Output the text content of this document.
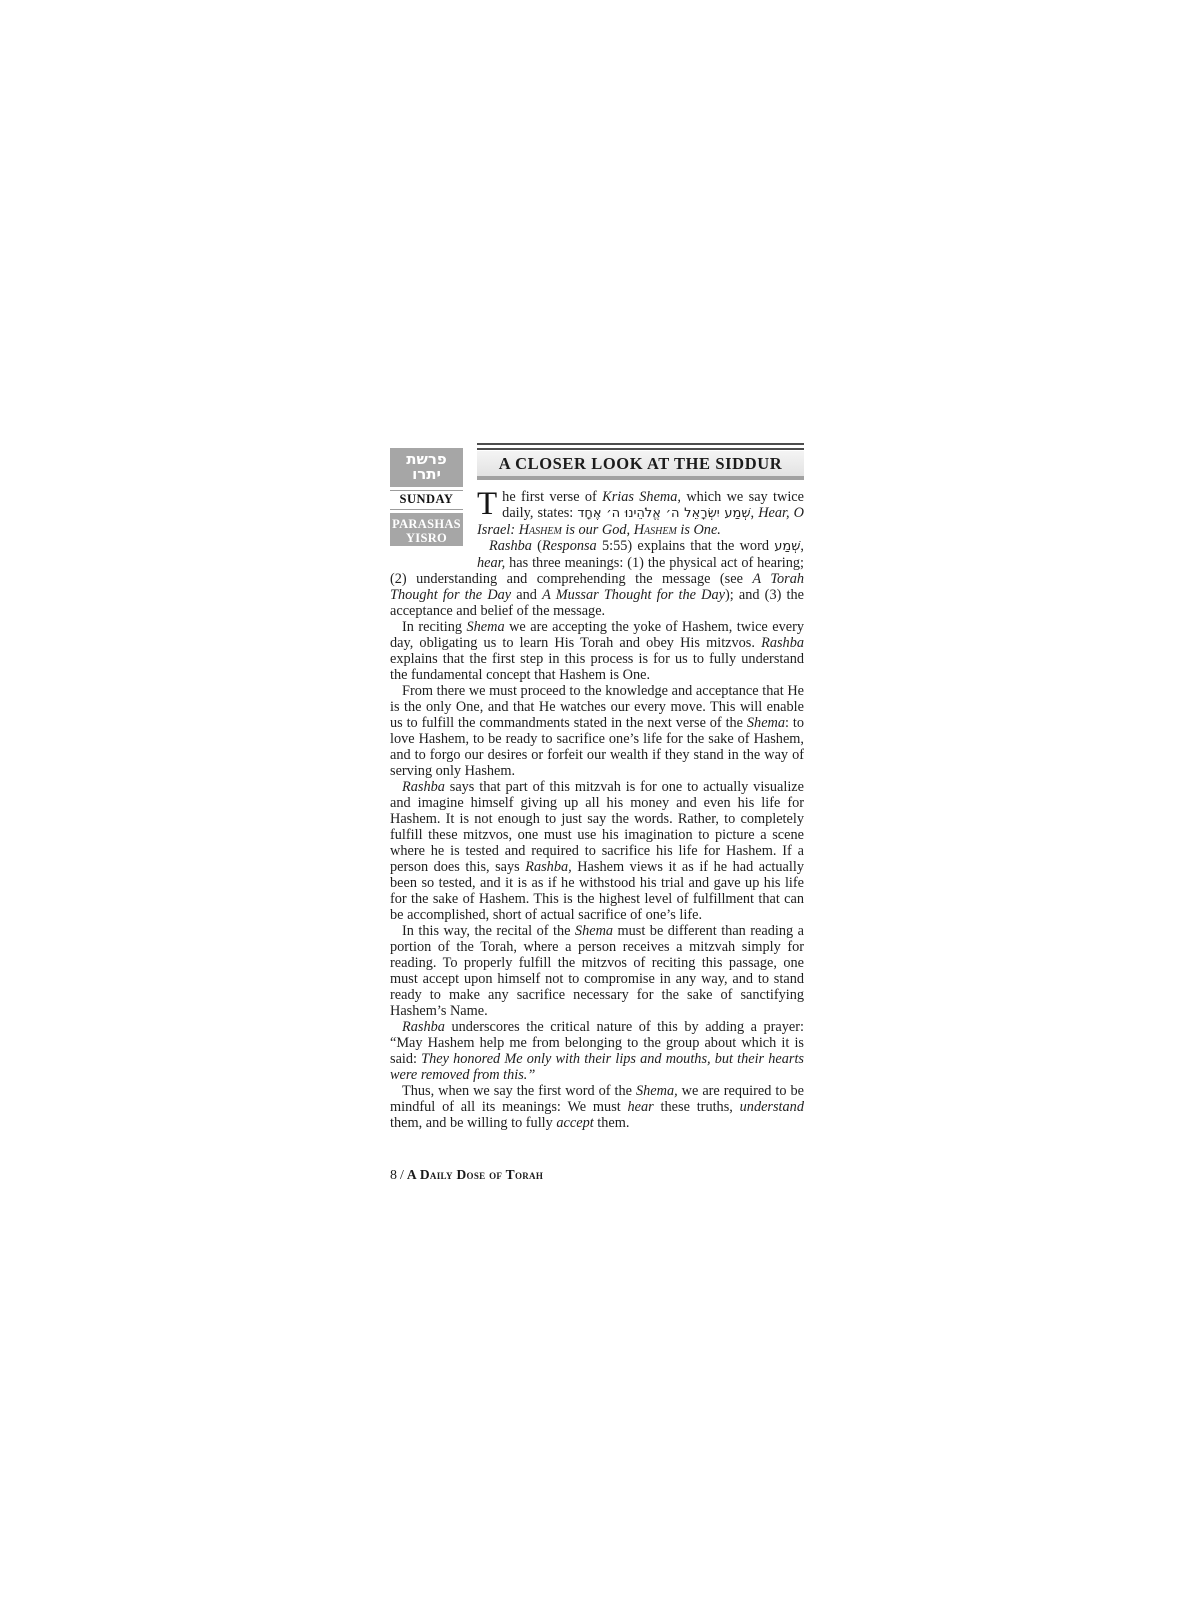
פרשת
יתרו
SUNDAY
PARASHAS
YISRO
A CLOSER LOOK AT THE SIDDUR

The first verse of Krias Shema, which we say twice daily, states: שְׁמַע יִשְׂרָאֵל ה׳ אֱלֹהֵינוּ ה׳ אֶחָד, Hear, O Israel: Hashem is our God, Hashem is One.

Rashba (Responsa 5:55) explains that the word שְׁמַע, hear, has three meanings: (1) the physical act of hearing; (2) understanding and comprehending the message (see A Torah Thought for the Day and A Mussar Thought for the Day); and (3) the acceptance and belief of the message.

In reciting Shema we are accepting the yoke of Hashem, twice every day, obligating us to learn His Torah and obey His mitzvos. Rashba explains that the first step in this process is for us to fully understand the fundamental concept that Hashem is One.

From there we must proceed to the knowledge and acceptance that He is the only One, and that He watches our every move. This will enable us to fulfill the commandments stated in the next verse of the Shema: to love Hashem, to be ready to sacrifice one’s life for the sake of Hashem, and to forgo our desires or forfeit our wealth if they stand in the way of serving only Hashem.

Rashba says that part of this mitzvah is for one to actually visualize and imagine himself giving up all his money and even his life for Hashem. It is not enough to just say the words. Rather, to completely fulfill these mitzvos, one must use his imagination to picture a scene where he is tested and required to sacrifice his life for Hashem. If a person does this, says Rashba, Hashem views it as if he had actually been so tested, and it is as if he withstood his trial and gave up his life for the sake of Hashem. This is the highest level of fulfillment that can be accomplished, short of actual sacrifice of one’s life.

In this way, the recital of the Shema must be different than reading a portion of the Torah, where a person receives a mitzvah simply for reading. To properly fulfill the mitzvos of reciting this passage, one must accept upon himself not to compromise in any way, and to stand ready to make any sacrifice necessary for the sake of sanctifying Hashem’s Name.

Rashba underscores the critical nature of this by adding a prayer: “May Hashem help me from belonging to the group about which it is said: They honored Me only with their lips and mouths, but their hearts were removed from this.”

Thus, when we say the first word of the Shema, we are required to be mindful of all its meanings: We must hear these truths, understand them, and be willing to fully accept them.

8 / A Daily Dose of Torah
